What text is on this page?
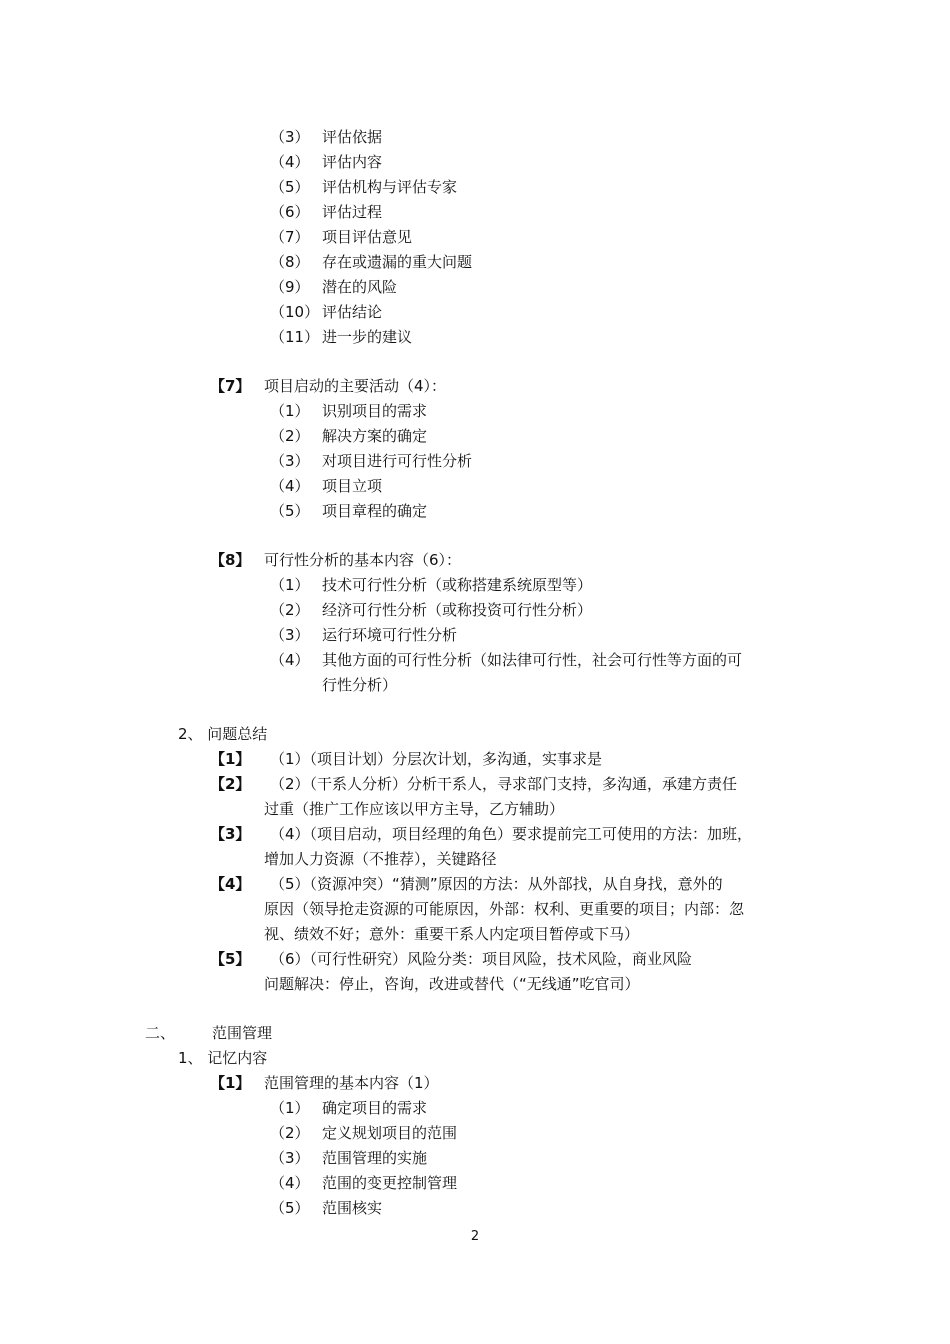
（3） 评估依据
（4） 评估内容
（5） 评估机构与评估专家
（6） 评估过程
（7） 项目评估意见
（8） 存在或遗漏的重大问题
（9） 潜在的风险
（10） 评估结论
（11） 进一步的建议
【7】 项目启动的主要活动（4）：
（1） 识别项目的需求
（2） 解决方案的确定
（3） 对项目进行可行性分析
（4） 项目立项
（5） 项目章程的确定
【8】 可行性分析的基本内容（6）：
（1） 技术可行性分析（或称搭建系统原型等）
（2） 经济可行性分析（或称投资可行性分析）
（3） 运行环境可行性分析
（4） 其他方面的可行性分析（如法律可行性，社会可行性等方面的可
行性分析）
2、 问题总结
【1】 （1）（项目计划）分层次计划，多沟通，实事求是
【2】 （2）（干系人分析）分析干系人，寻求部门支持，多沟通，承建方责任
过重（推广工作应该以甲方主导，乙方辅助）
【3】 （4）（项目启动，项目经理的角色）要求提前完工可使用的方法：加班，
增加人力资源（不推荐），关键路径
【4】 （5）（资源冲突）“猜测”原因的方法：从外部找，从自身找，意外的
原因（领导抢走资源的可能原因，外部：权利、更重要的项目；内部：忽
视、绩效不好；意外：重要干系人内定项目暂停或下马）
【5】 （6）（可行性研究）风险分类：项目风险，技术风险，商业风险
问题解决：停止，咨询，改进或替代（“无线通”吃官司）
二、 范围管理
1、 记忆内容
【1】 范围管理的基本内容（1）
（1） 确定项目的需求
（2） 定义规划项目的范围
（3） 范围管理的实施
（4） 范围的变更控制管理
（5） 范围核实
2
